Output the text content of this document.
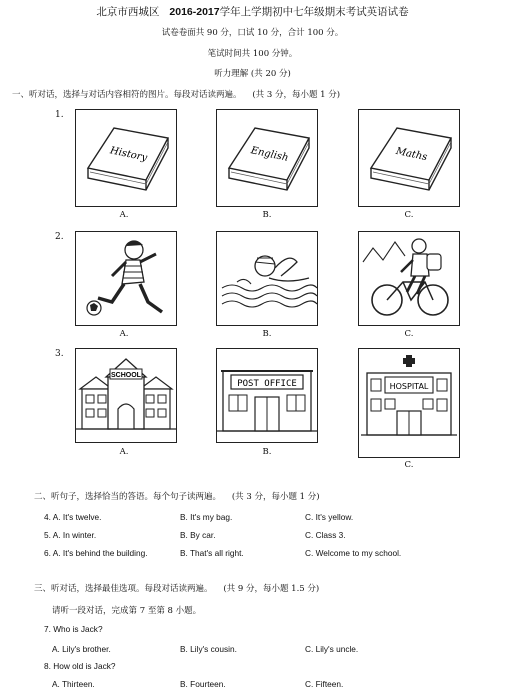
北京市西城区 2016-2017学年上学期初中七年级期末考试英语试卷
试卷卷面共 90 分，口试 10 分，合计 100 分。
笔试时间共 100 分钟。
听力理解 (共 20 分)
一、听对话，选择与对话内容相符的图片。每段对话读两遍。 (共 3 分，每小题 1 分)
1.
History	English	Maths
A.	B.	C.
2.
A.	B.	C.
3.
SCHOOL
POST OFFICE	HOSPITAL
A.	B.
C.
二、听句子，选择恰当的答语。每个句子读两遍。 (共 3 分，每小题 1 分)
4. A. It's twelve.	B. It's my bag.	C. It's yellow.
5. A. In winter.	B. By car.	C. Class 3.
6. A. It's behind the building.	B. That's all right.	C. Welcome to my school.
三、听对话，选择最佳选项。每段对话读两遍。 (共 9 分，每小题 1.5 分)
请听一段对话，完成第 7 至第 8 小题。
7. Who is Jack?
A. Lily's brother.	B. Lily's cousin.	C. Lily's uncle.
8. How old is Jack?
A. Thirteen.	B. Fourteen.	C. Fifteen.
